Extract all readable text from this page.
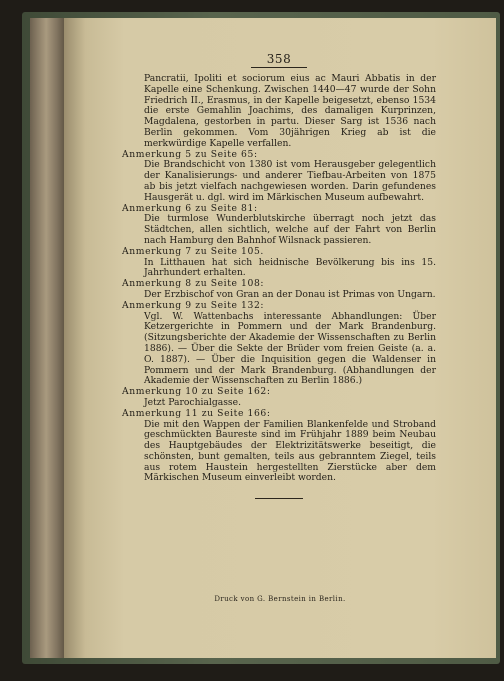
358

Pancratii, Ipoliti et sociorum eius ac Mauri Abbatis in der Kapelle eine Schenkung. Zwischen 1440—47 wurde der Sohn Friedrich II., Erasmus, in der Kapelle beigesetzt, ebenso 1534 die erste Gemahlin Joachims, des damaligen Kurprinzen, Magdalena, gestorben in partu. Dieser Sarg ist 1536 nach Berlin gekommen. Vom 30jährigen Krieg ab ist die merkwürdige Kapelle verfallen.

Anmerkung 5 zu Seite 65:

Die Brandschicht von 1380 ist vom Herausgeber gelegentlich der Kanalisierungs- und anderer Tiefbau-Arbeiten von 1875 ab bis jetzt vielfach nachgewiesen worden. Darin gefundenes Hausgerät u. dgl. wird im Märkischen Museum aufbewahrt.

Anmerkung 6 zu Seite 81:

Die turmlose Wunderblutskirche überragt noch jetzt das Städtchen, allen sichtlich, welche auf der Fahrt von Berlin nach Hamburg den Bahnhof Wilsnack passieren.

Anmerkung 7 zu Seite 105.

In Litthauen hat sich heidnische Bevölkerung bis ins 15. Jahrhundert erhalten.

Anmerkung 8 zu Seite 108:

Der Erzbischof von Gran an der Donau ist Primas von Ungarn.

Anmerkung 9 zu Seite 132:

Vgl. W. Wattenbachs interessante Abhandlungen: Über Ketzergerichte in Pommern und der Mark Brandenburg. (Sitzungsberichte der Akademie der Wissenschaften zu Berlin 1886). — Über die Sekte der Brüder vom freien Geiste (a. a. O. 1887). — Über die Inquisition gegen die Waldenser in Pommern und der Mark Brandenburg. (Abhandlungen der Akademie der Wissenschaften zu Berlin 1886.)

Anmerkung 10 zu Seite 162:

Jetzt Parochialgasse.

Anmerkung 11 zu Seite 166:

Die mit den Wappen der Familien Blankenfelde und Stroband geschmückten Baureste sind im Frühjahr 1889 beim Neubau des Hauptgebäudes der Elektrizitätswerke beseitigt, die schönsten, bunt gemalten, teils aus gebranntem Ziegel, teils aus rotem Haustein hergestellten Zierstücke aber dem Märkischen Museum einverleibt worden.

Druck von G. Bernstein in Berlin.
